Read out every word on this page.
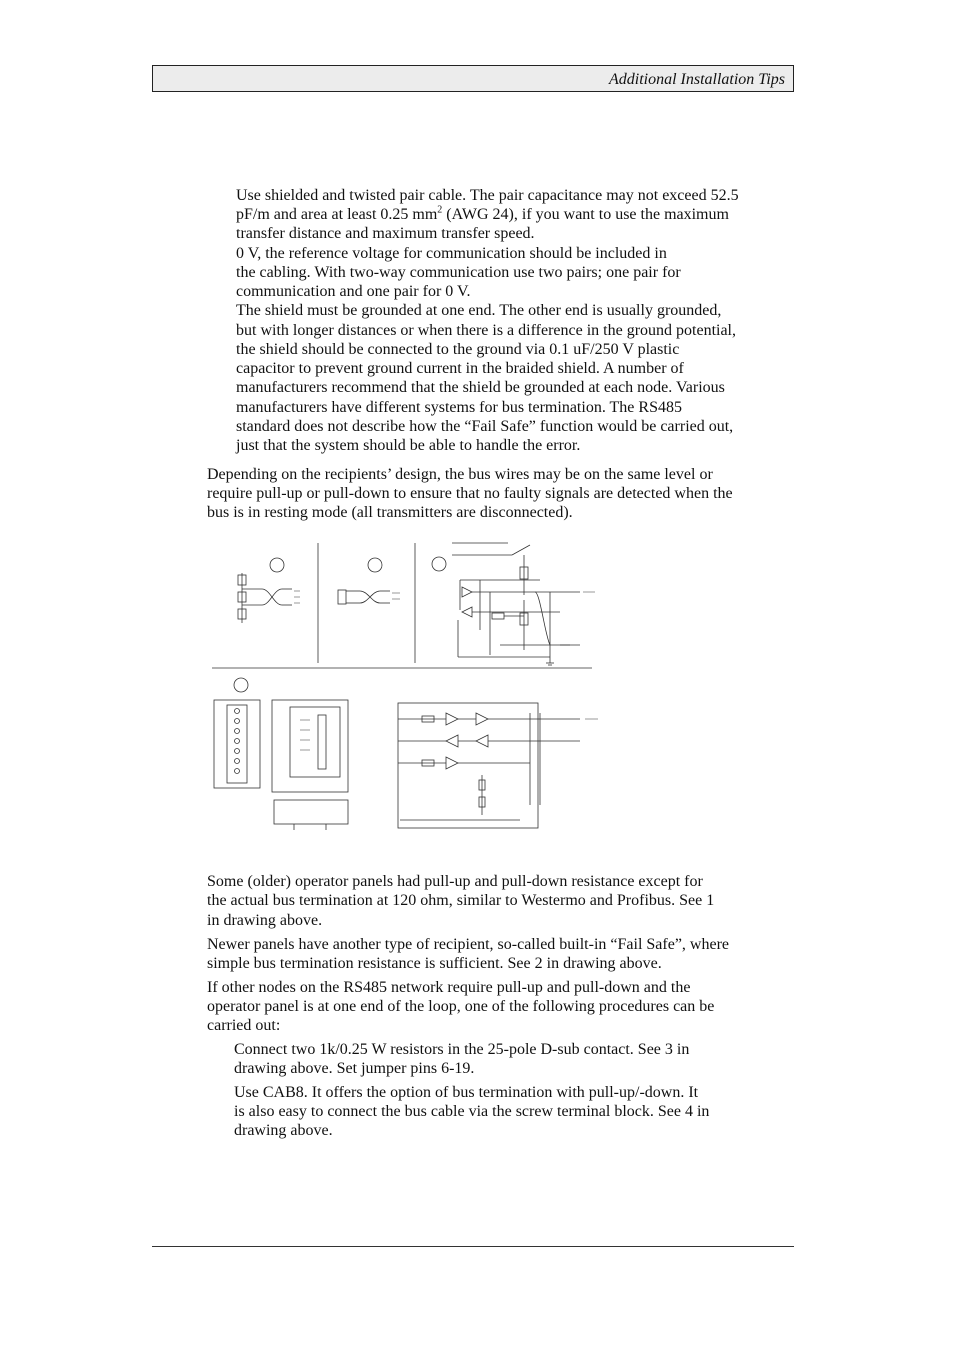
Additional Installation Tips

Use shielded and twisted pair cable. The pair capacitance may not exceed 52.5

pF/m and area at least 0.25 $mm^2$ (AWG 24), if you want to use the maximum

transfer distance and maximum transfer speed.

0 V, the reference voltage for communication should be included in

the cabling. With two-way communication use two pairs; one pair for

communication and one pair for 0 V.

The shield must be grounded at one end. The other end is usually grounded,

but with longer distances or when there is a difference in the ground potential,

the shield should be connected to the ground via 0.1 uF/250 V plastic

capacitor to prevent ground current in the braided shield. A number of

manufacturers recommend that the shield be grounded at each node. Various

manufacturers have different systems for bus termination. The RS485

standard does not describe how the “Fail Safe” function would be carried out,

just that the system should be able to handle the error.

Depending on the recipients’ design, the bus wires may be on the same level or

require pull-up or pull-down to ensure that no faulty signals are detected when the

bus is in resting mode (all transmitters are disconnected).

Some (older) operator panels had pull-up and pull-down resistance except for

the actual bus termination at 120 ohm, similar to Westermo and Profibus. See 1

in drawing above.

Newer panels have another type of recipient, so-called built-in “Fail Safe”, where

simple bus termination resistance is sufficient. See 2 in drawing above.

If other nodes on the RS485 network require pull-up and pull-down and the

operator panel is at one end of the loop, one of the following procedures can be

carried out:

Connect two 1k/0.25 W resistors in the 25-pole D-sub contact. See 3 in

drawing above. Set jumper pins 6-19.

Use CAB8. It offers the option of bus termination with pull-up/-down. It

is also easy to connect the bus cable via the screw terminal block. See 4 in

drawing above.
